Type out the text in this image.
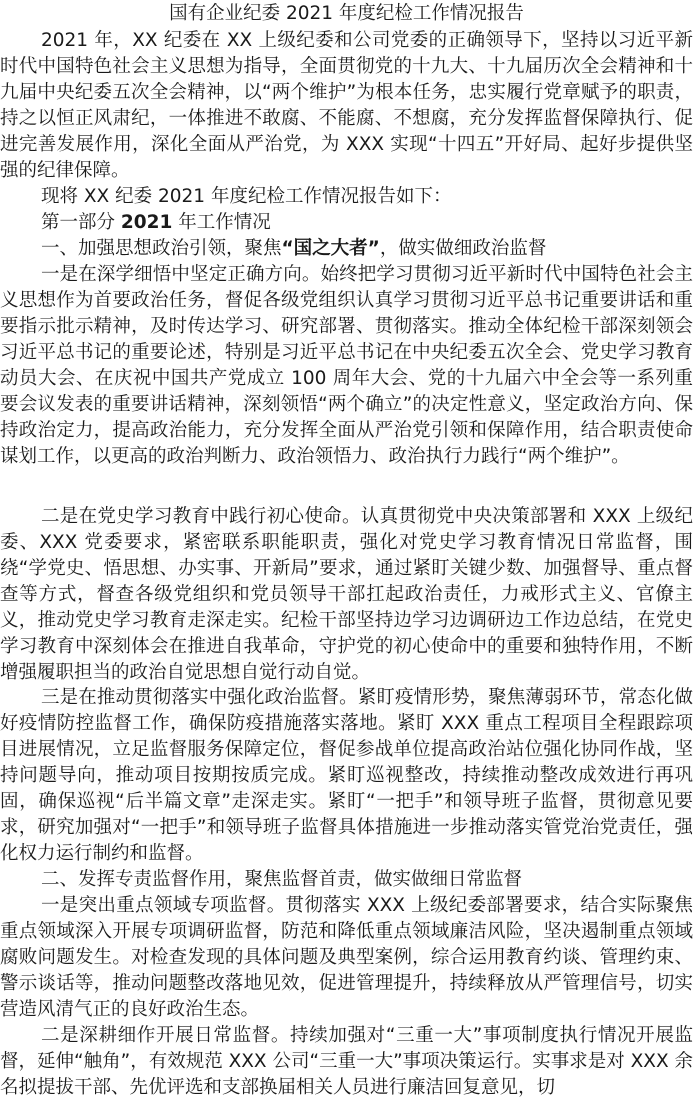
国有企业纪委 2021 年度纪检工作情况报告

2021 年，XX 纪委在 XX 上级纪委和公司党委的正确领导下，坚持以习近平新时代中国特色社会主义思想为指导，全面贯彻党的十九大、十九届历次全会精神和十九届中央纪委五次全会精神，以“两个维护”为根本任务，忠实履行党章赋予的职责，持之以恒正风肃纪，一体推进不敢腐、不能腐、不想腐，充分发挥监督保障执行、促进完善发展作用，深化全面从严治党，为 XXX 实现“十四五”开好局、起好步提供坚强的纪律保障。

现将 XX 纪委 2021 年度纪检工作情况报告如下：

第一部分 2021 年工作情况

一、加强思想政治引领，聚焦“国之大者”，做实做细政治监督

一是在深学细悟中坚定正确方向。始终把学习贯彻习近平新时代中国特色社会主义思想作为首要政治任务，督促各级党组织认真学习贯彻习近平总书记重要讲话和重要指示批示精神，及时传达学习、研究部署、贯彻落实。推动全体纪检干部深刻领会习近平总书记的重要论述，特别是习近平总书记在中央纪委五次全会、党史学习教育动员大会、在庆祝中国共产党成立 100 周年大会、党的十九届六中全会等一系列重要会议发表的重要讲话精神，深刻领悟“两个确立”的决定性意义，坚定政治方向、保持政治定力，提高政治能力，充分发挥全面从严治党引领和保障作用，结合职责使命谋划工作，以更高的政治判断力、政治领悟力、政治执行力践行“两个维护”。

二是在党史学习教育中践行初心使命。认真贯彻党中央决策部署和 XXX 上级纪委、XXX 党委要求，紧密联系职能职责，强化对党史学习教育情况日常监督，围绕“学党史、悟思想、办实事、开新局”要求，通过紧盯关键少数、加强督导、重点督查等方式，督查各级党组织和党员领导干部扛起政治责任，力戒形式主义、官僚主义，推动党史学习教育走深走实。纪检干部坚持边学习边调研边工作边总结，在党史学习教育中深刻体会在推进自我革命，守护党的初心使命中的重要和独特作用，不断增强履职担当的政治自觉思想自觉行动自觉。

三是在推动贯彻落实中强化政治监督。紧盯疫情形势，聚焦薄弱环节，常态化做好疫情防控监督工作，确保防疫措施落实落地。紧盯 XXX 重点工程项目全程跟踪项目进展情况，立足监督服务保障定位，督促参战单位提高政治站位强化协同作战，坚持问题导向，推动项目按期按质完成。紧盯巡视整改，持续推动整改成效进行再巩固，确保巡视“后半篇文章”走深走实。紧盯“一把手”和领导班子监督，贯彻意见要求，研究加强对“一把手”和领导班子监督具体措施进一步推动落实管党治党责任，强化权力运行制约和监督。

二、发挥专责监督作用，聚焦监督首责，做实做细日常监督

一是突出重点领域专项监督。贯彻落实 XXX 上级纪委部署要求，结合实际聚焦重点领域深入开展专项调研监督，防范和降低重点领域廉洁风险，坚决遏制重点领域腐败问题发生。对检查发现的具体问题及典型案例，综合运用教育约谈、管理约束、警示谈话等，推动问题整改落地见效，促进管理提升，持续释放从严管理信号，切实营造风清气正的良好政治生态。

二是深耕细作开展日常监督。持续加强对“三重一大”事项制度执行情况开展监督，延伸“触角”，有效规范 XXX 公司“三重一大”事项决策运行。实事求是对 XXX 余名拟提拔干部、先优评选和支部换届相关人员进行廉洁回复意见，切
